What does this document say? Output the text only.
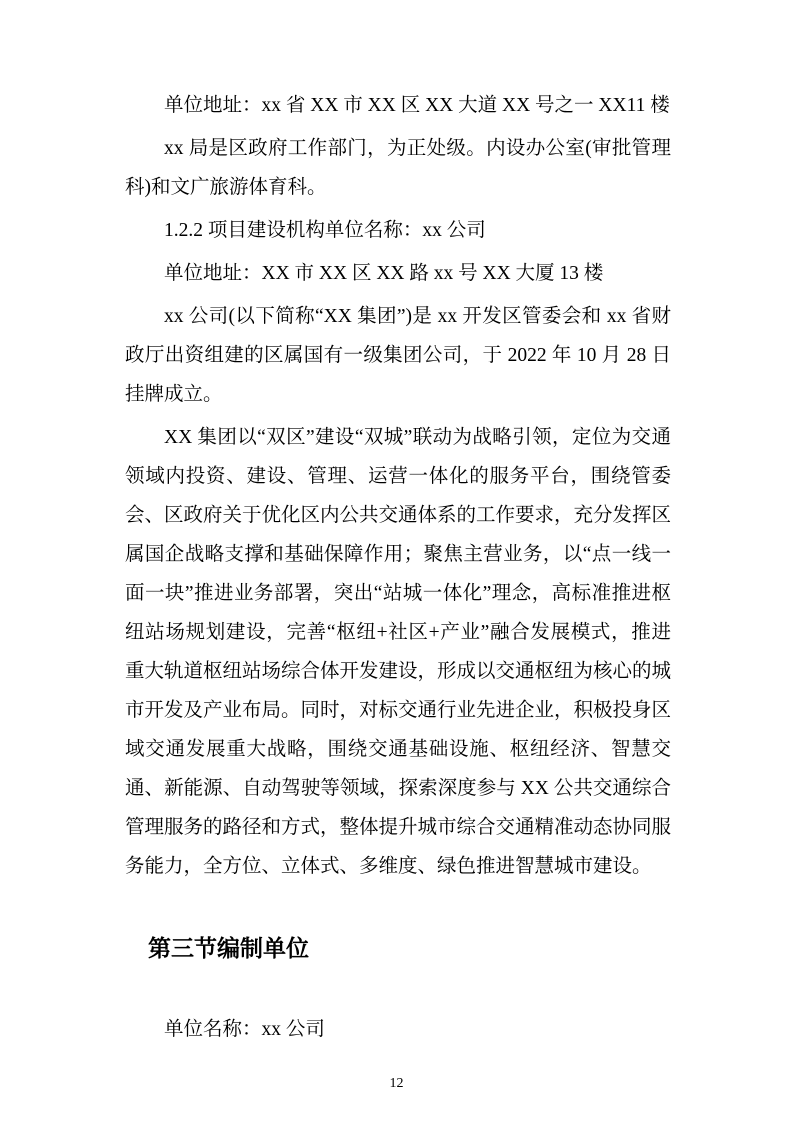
单位地址：xx 省 XX 市 XX 区 XX 大道 XX 号之一 XX11 楼

xx 局是区政府工作部门，为正处级。内设办公室(审批管理科)和文广旅游体育科。

1.2.2 项目建设机构单位名称：xx 公司

单位地址：XX 市 XX 区 XX 路 xx 号 XX 大厦 13 楼

xx 公司(以下简称“XX 集团”)是 xx 开发区管委会和 xx 省财政厅出资组建的区属国有一级集团公司，于 2022 年 10 月 28 日挂牌成立。

XX 集团以“双区”建设“双城”联动为战略引领，定位为交通领域内投资、建设、管理、运营一体化的服务平台，围绕管委会、区政府关于优化区内公共交通体系的工作要求，充分发挥区属国企战略支撑和基础保障作用；聚焦主营业务，以“点一线一面一块”推进业务部署，突出“站城一体化”理念，高标准推进枢纽站场规划建设，完善“枢纽+社区+产业”融合发展模式，推进重大轨道枢纽站场综合体开发建设，形成以交通枢纽为核心的城市开发及产业布局。同时，对标交通行业先进企业，积极投身区域交通发展重大战略，围绕交通基础设施、枢纽经济、智慧交通、新能源、自动驾驶等领域，探索深度参与 XX 公共交通综合管理服务的路径和方式，整体提升城市综合交通精准动态协同服务能力，全方位、立体式、多维度、绿色推进智慧城市建设。

第三节编制单位

单位名称：xx 公司

12
